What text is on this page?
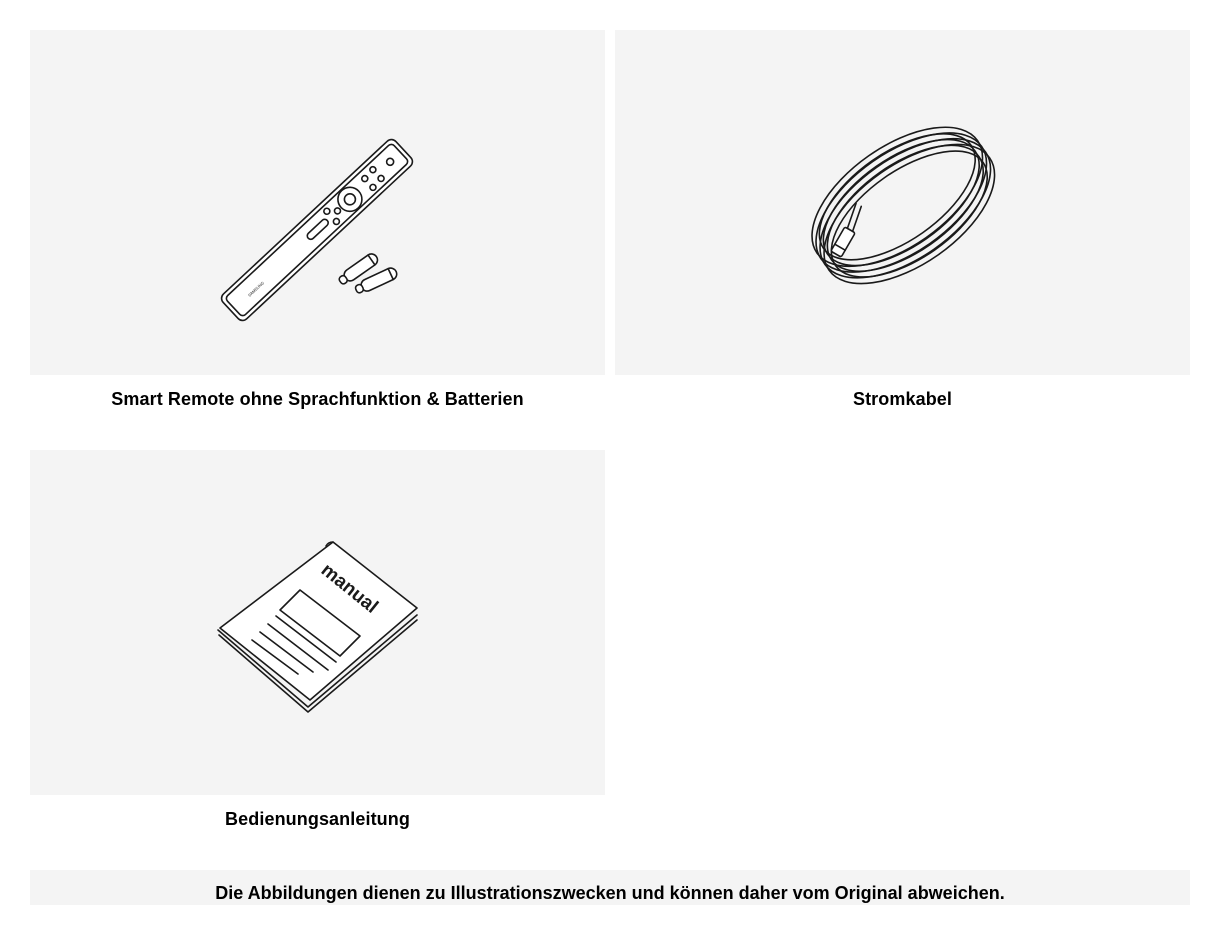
SAMSUNG
Smart Remote ohne Sprachfunktion & Batterien	Stromkabel
manual
Bedienungsanleitung
Die Abbildungen dienen zu Illustrationszwecken und können daher vom Original abweichen.
